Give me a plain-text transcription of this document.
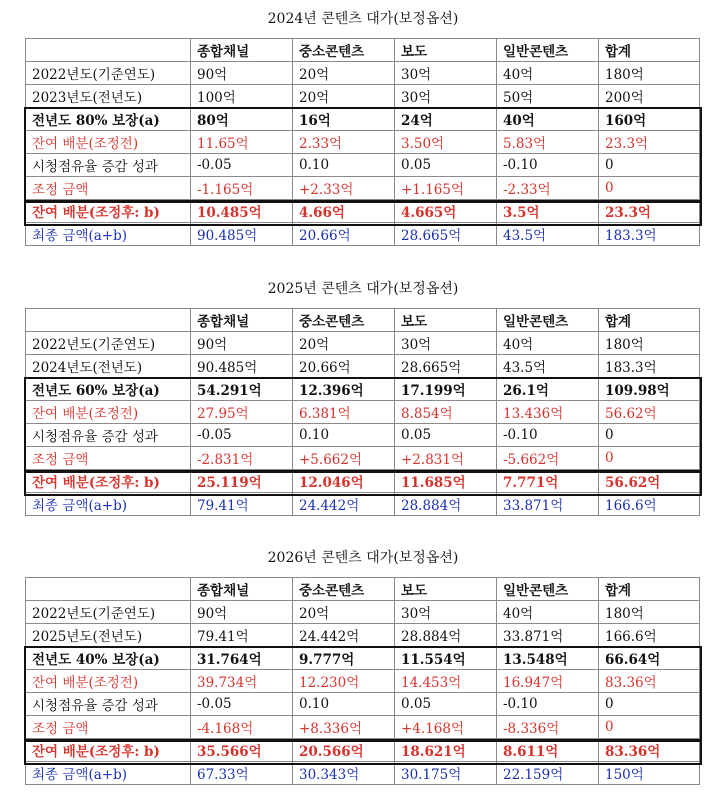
2024년 콘텐츠 대가(보정옵션)
	종합채널	중소콘텐츠	보도	일반콘텐츠	합계
2022년도(기준연도)	90억	20억	30억	40억	180억
2023년도(전년도)	100억	20억	30억	50억	200억
전년도 80% 보장(a)	80억	16억	24억	40억	160억
잔여 배분(조정전)	11.65억	2.33억	3.50억	5.83억	23.3억
시청점유율 증감 성과	-0.05	0.10	0.05	-0.10	0
조정 금액	-1.165억	+2.33억	+1.165억	-2.33억	0
잔여 배분(조정후: b)	10.485억	4.66억	4.665억	3.5억	23.3억
최종 금액(a+b)	90.485억	20.66억	28.665억	43.5억	183.3억
2025년 콘텐츠 대가(보정옵션)
	종합채널	중소콘텐츠	보도	일반콘텐츠	합계
2022년도(기준연도)	90억	20억	30억	40억	180억
2024년도(전년도)	90.485억	20.66억	28.665억	43.5억	183.3억
전년도 60% 보장(a)	54.291억	12.396억	17.199억	26.1억	109.98억
잔여 배분(조정전)	27.95억	6.381억	8.854억	13.436억	56.62억
시청점유율 증감 성과	-0.05	0.10	0.05	-0.10	0
조정 금액	-2.831억	+5.662억	+2.831억	-5.662억	0
잔여 배분(조정후: b)	25.119억	12.046억	11.685억	7.771억	56.62억
최종 금액(a+b)	79.41억	24.442억	28.884억	33.871억	166.6억
2026년 콘텐츠 대가(보정옵션)
	종합채널	중소콘텐츠	보도	일반콘텐츠	합계
2022년도(기준연도)	90억	20억	30억	40억	180억
2025년도(전년도)	79.41억	24.442억	28.884억	33.871억	166.6억
전년도 40% 보장(a)	31.764억	9.777억	11.554억	13.548억	66.64억
잔여 배분(조정전)	39.734억	12.230억	14.453억	16.947억	83.36억
시청점유율 증감 성과	-0.05	0.10	0.05	-0.10	0
조정 금액	-4.168억	+8.336억	+4.168억	-8.336억	0
잔여 배분(조정후: b)	35.566억	20.566억	18.621억	8.611억	83.36억
최종 금액(a+b)	67.33억	30.343억	30.175억	22.159억	150억
